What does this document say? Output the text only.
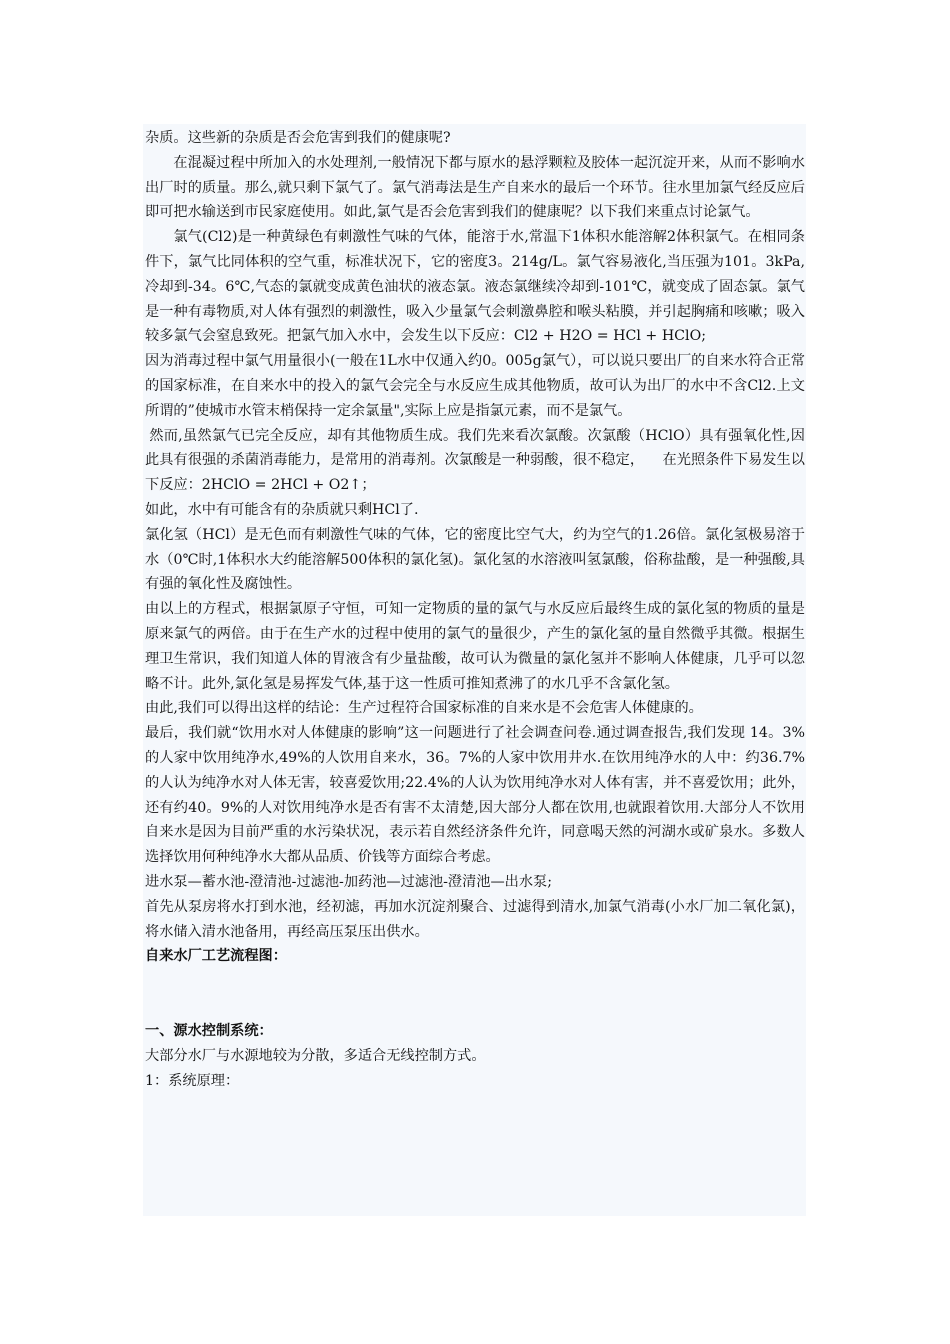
杂质。这些新的杂质是否会危害到我们的健康呢?

在混凝过程中所加入的水处理剂,一般情况下都与原水的悬浮颗粒及胶体一起沉淀开来，从而不影响水出厂时的质量。那么,就只剩下氯气了。氯气消毒法是生产自来水的最后一个环节。往水里加氯气经反应后即可把水输送到市民家庭使用。如此,氯气是否会危害到我们的健康呢？以下我们来重点讨论氯气。

氯气(Cl2)是一种黄绿色有刺激性气味的气体，能溶于水,常温下1体积水能溶解2体积氯气。在相同条件下，氯气比同体积的空气重，标准状况下，它的密度3。214g/L。氯气容易液化,当压强为101。3kPa,冷却到-34。6℃,气态的氯就变成黄色油状的液态氯。液态氯继续冷却到-101℃，就变成了固态氯。氯气是一种有毒物质,对人体有强烈的刺激性，吸入少量氯气会刺激鼻腔和喉头粘膜，并引起胸痛和咳嗽；吸入较多氯气会窒息致死。把氯气加入水中，会发生以下反应：Cl2 + H2O = HCl + HClO;

因为消毒过程中氯气用量很小(一般在1L水中仅通入约0。005g氯气），可以说只要出厂的自来水符合正常的国家标准，在自来水中的投入的氯气会完全与水反应生成其他物质，故可认为出厂的水中不含Cl2.上文所谓的”使城市水管末梢保持一定余氯量",实际上应是指氯元素，而不是氯气。

然而,虽然氯气已完全反应，却有其他物质生成。我们先来看次氯酸。次氯酸（HClO）具有强氧化性,因此具有很强的杀菌消毒能力，是常用的消毒剂。次氯酸是一种弱酸，很不稳定，    在光照条件下易发生以下反应：2HClO = 2HCl + O2↑；

如此，水中有可能含有的杂质就只剩HCl了.

氯化氢（HCl）是无色而有刺激性气味的气体，它的密度比空气大，约为空气的1.26倍。氯化氢极易溶于水（0℃时,1体积水大约能溶解500体积的氯化氢)。氯化氢的水溶液叫氢氯酸，俗称盐酸，是一种强酸,具有强的氧化性及腐蚀性。

由以上的方程式，根据氯原子守恒，可知一定物质的量的氯气与水反应后最终生成的氯化氢的物质的量是原来氯气的两倍。由于在生产水的过程中使用的氯气的量很少，产生的氯化氢的量自然微乎其微。根据生理卫生常识，我们知道人体的胃液含有少量盐酸，故可认为微量的氯化氢并不影响人体健康，几乎可以忽略不计。此外,氯化氢是易挥发气体,基于这一性质可推知煮沸了的水几乎不含氯化氢。

由此,我们可以得出这样的结论：生产过程符合国家标准的自来水是不会危害人体健康的。

最后，我们就“饮用水对人体健康的影响”这一问题进行了社会调查问卷.通过调查报告,我们发现 14。3%的人家中饮用纯净水,49%的人饮用自来水，36。7%的人家中饮用井水.在饮用纯净水的人中：约36.7%的人认为纯净水对人体无害，较喜爱饮用;22.4%的人认为饮用纯净水对人体有害，并不喜爱饮用；此外，还有约40。9%的人对饮用纯净水是否有害不太清楚,因大部分人都在饮用,也就跟着饮用.大部分人不饮用自来水是因为目前严重的水污染状况，表示若自然经济条件允许，同意喝天然的河湖水或矿泉水。多数人选择饮用何种纯净水大都从品质、价钱等方面综合考虑。

进水泵—蓄水池-澄清池-过滤池-加药池—过滤池-澄清池—出水泵;

首先从泵房将水打到水池，经初滤，再加水沉淀剂聚合、过滤得到清水,加氯气消毒(小水厂加二氧化氯)，将水储入清水池备用，再经高压泵压出供水。

自来水厂工艺流程图：

一、源水控制系统：

大部分水厂与水源地较为分散，多适合无线控制方式。

1：系统原理：
